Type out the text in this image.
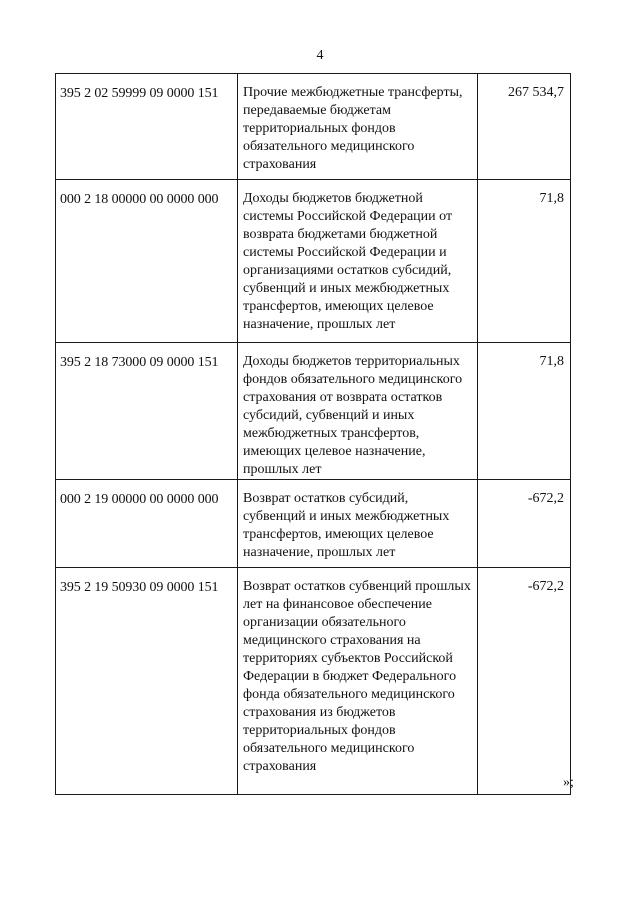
4
395 2 02 59999 09 0000 151	Прочие межбюджетные трансферты, передаваемые бюджетам территориальных фондов обязательного медицинского страхования	267 534,7
000 2 18 00000 00 0000 000	Доходы бюджетов бюджетной системы Российской Федерации от возврата бюджетами бюджетной системы Российской Федерации и организациями остатков субсидий, субвенций и иных межбюджетных трансфертов, имеющих целевое назначение, прошлых лет	71,8
395 2 18 73000 09 0000 151	Доходы бюджетов территориальных фондов обязательного медицинского страхования от возврата остатков субсидий, субвенций и иных межбюджетных трансфертов, имеющих целевое назначение, прошлых лет	71,8
000 2 19 00000 00 0000 000	Возврат остатков субсидий, субвенций и иных межбюджетных трансфертов, имеющих целевое назначение, прошлых лет	-672,2
395 2 19 50930 09 0000 151	Возврат остатков субвенций прошлых лет на финансовое обеспечение организации обязательного медицинского страхования на территориях субъектов Российской Федерации в бюджет Федерального фонда обязательного медицинского страхования из бюджетов территориальных фондов обязательного медицинского страхования	-672,2
»;
